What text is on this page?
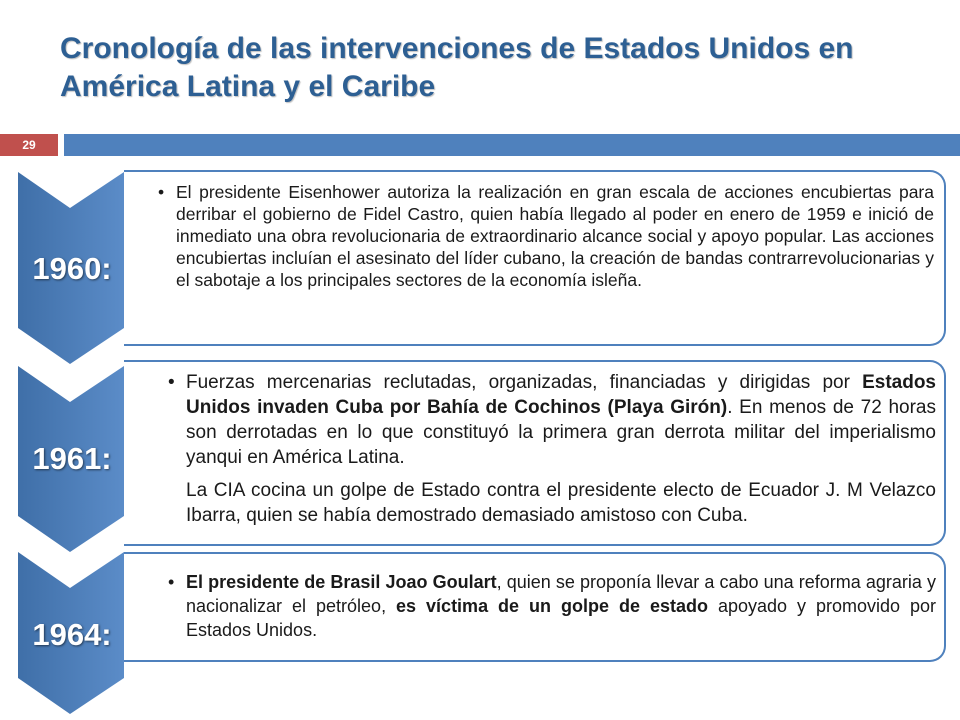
Cronología de las intervenciones de Estados Unidos en América Latina y el Caribe
29
1960:
• El presidente Eisenhower autoriza la realización en gran escala de acciones encubiertas para derribar el gobierno de Fidel Castro, quien había llegado al poder en enero de 1959 e inició de inmediato una obra revolucionaria de extraordinario alcance social y apoyo popular. Las acciones encubiertas incluían el asesinato del líder cubano, la creación de bandas contrarrevolucionarias y el sabotaje a los principales sectores de la economía isleña.
1961:
• Fuerzas mercenarias reclutadas, organizadas, financiadas y dirigidas por Estados Unidos invaden Cuba por Bahía de Cochinos (Playa Girón). En menos de 72 horas son derrotadas en lo que constituyó la primera gran derrota militar del imperialismo yanqui en América Latina.
La CIA cocina un golpe de Estado contra el presidente electo de Ecuador J. M Velazco Ibarra, quien se había demostrado demasiado amistoso con Cuba.
1964:
• El presidente de Brasil Joao Goulart, quien se proponía llevar a cabo una reforma agraria y nacionalizar el petróleo, es víctima de un golpe de estado apoyado y promovido por Estados Unidos.
